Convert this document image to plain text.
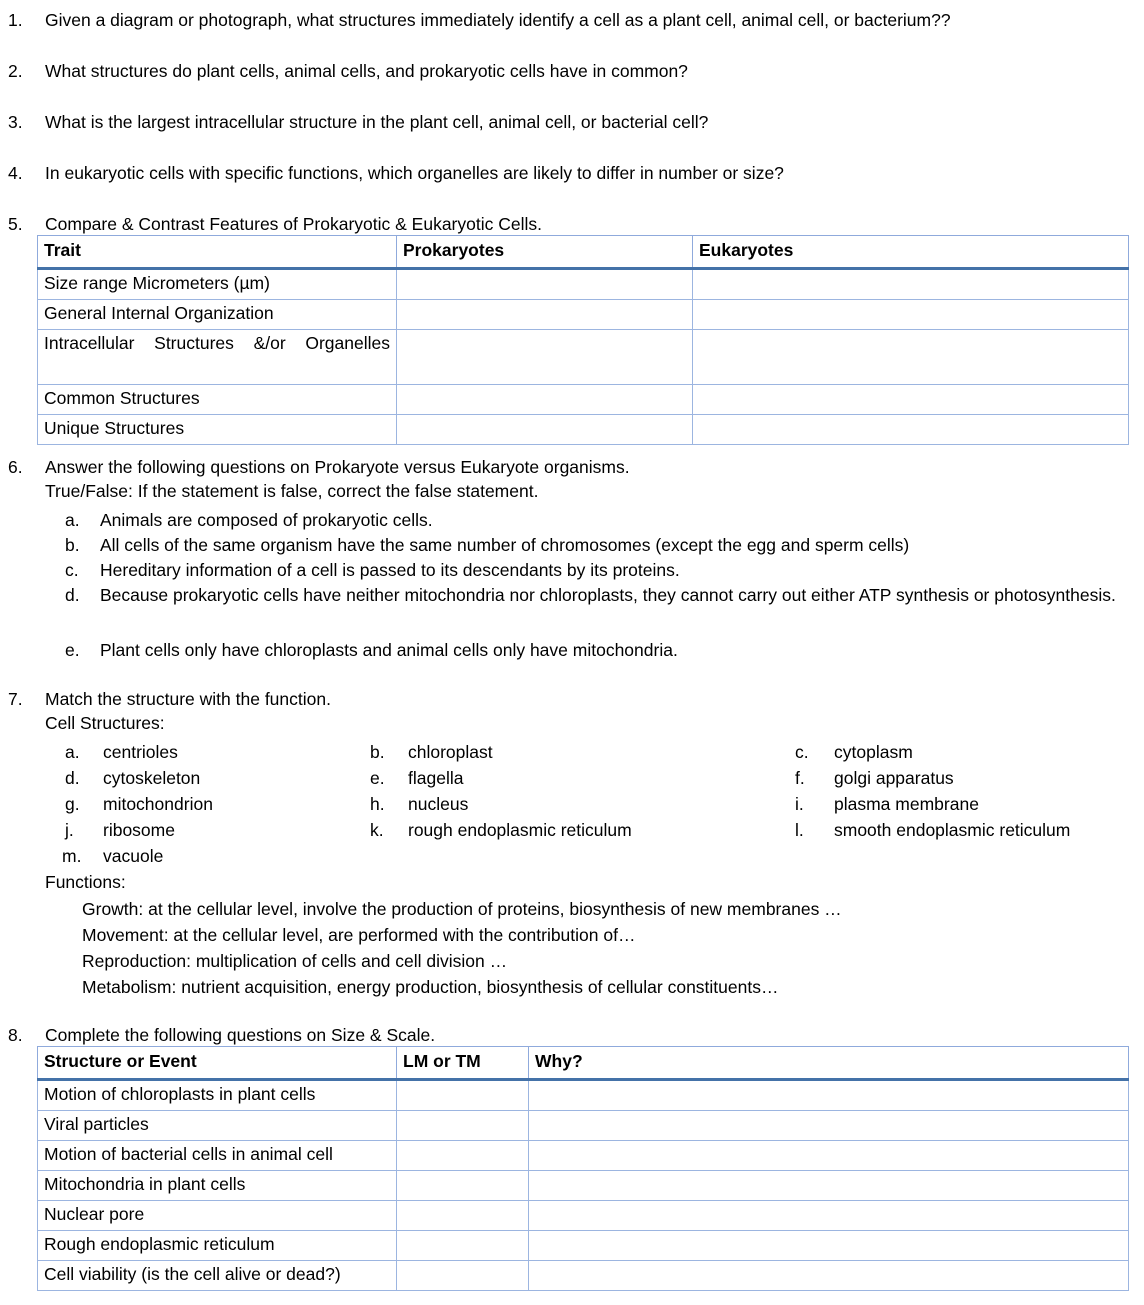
1.	Given a diagram or photograph, what structures immediately identify a cell as a plant cell, animal cell, or bacterium??
2.	What structures do plant cells, animal cells, and prokaryotic cells have in common?
3.	What is the largest intracellular structure in the plant cell, animal cell, or bacterial cell?
4.	In eukaryotic cells with specific functions, which organelles are likely to differ in number or size?
5.	Compare & Contrast Features of Prokaryotic & Eukaryotic Cells.
Trait	Prokaryotes	Eukaryotes
Size range Micrometers (µm)		
General Internal Organization		
Intracellular Structures &/or Organelles		
Common Structures		
Unique Structures		
6.	Answer the following questions on Prokaryote versus Eukaryote organisms.
True/False: If the statement is false, correct the false statement.
a.	Animals are composed of prokaryotic cells.
b.	All cells of the same organism have the same number of chromosomes (except the egg and sperm cells)
c.	Hereditary information of a cell is passed to its descendants by its proteins.
d.	Because prokaryotic cells have neither mitochondria nor chloroplasts, they cannot carry out either ATP synthesis or photosynthesis.
e.	Plant cells only have chloroplasts and animal cells only have mitochondria.
7.	Match the structure with the function.
Cell Structures:
a.	centrioles	b.	chloroplast	c.	cytoplasm
d.	cytoskeleton	e.	flagella	f.	golgi apparatus
g.	mitochondrion	h.	nucleus	i.	plasma membrane
j.	ribosome	k.	rough endoplasmic reticulum	l.	smooth endoplasmic reticulum
m.	vacuole
Functions:
Growth: at the cellular level, involve the production of proteins, biosynthesis of new membranes …
Movement: at the cellular level, are performed with the contribution of…
Reproduction: multiplication of cells and cell division …
Metabolism: nutrient acquisition, energy production, biosynthesis of cellular constituents…
8.	Complete the following questions on Size & Scale.
Structure or Event	LM or TM	Why?
Motion of chloroplasts in plant cells		
Viral particles		
Motion of bacterial cells in animal cell		
Mitochondria in plant cells		
Nuclear pore		
Rough endoplasmic reticulum		
Cell viability (is the cell alive or dead?)		
